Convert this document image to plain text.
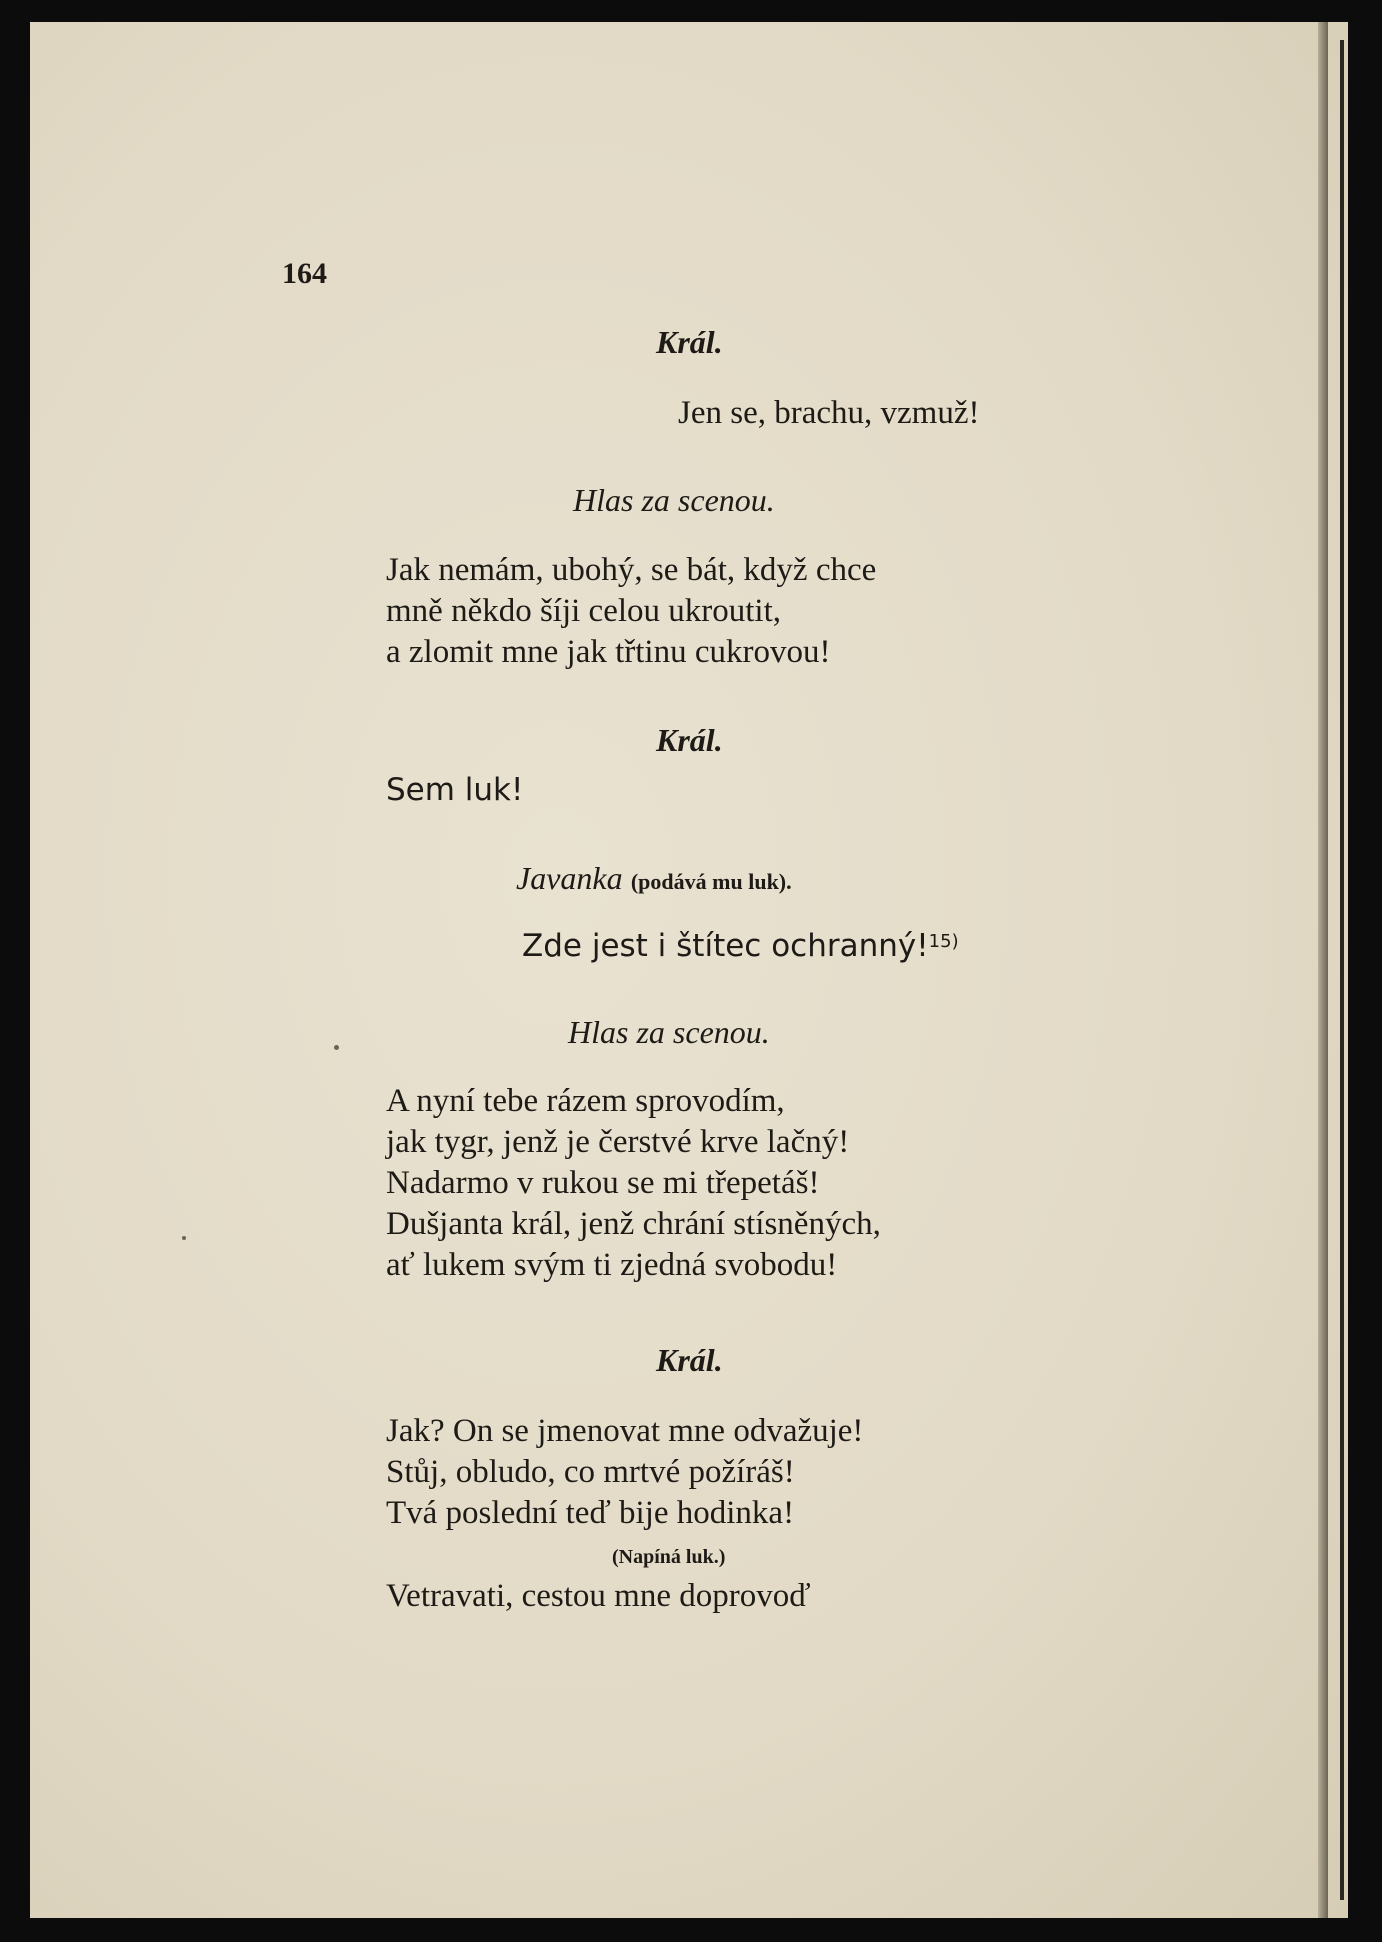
164
Král.
Jen se, brachu, vzmuž!
Hlas za scenou.
Jak nemám, ubohý, se bát, když chce
mně někdo šíji celou ukroutit,
a zlomit mne jak třtinu cukrovou!
Král.
Sem luk!
Javanka (podává mu luk).
Zde jest i štítec ochranný!$^{15)}$
Hlas za scenou.
A nyní tebe rázem sprovodím,
jak tygr, jenž je čerstvé krve lačný!
Nadarmo v rukou se mi třepetáš!
Dušjanta král, jenž chrání stísněných,
ať lukem svým ti zjedná svobodu!
Král.
Jak? On se jmenovat mne odvažuje!
Stůj, obludo, co mrtvé požíráš!
Tvá poslední teď bije hodinka!
(Napíná luk.)
Vetravati, cestou mne doprovoď
